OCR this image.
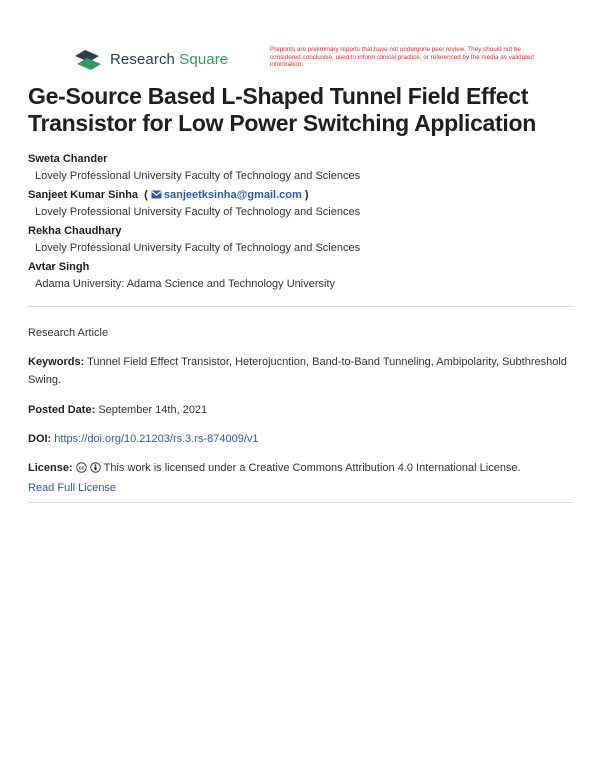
Research Square
Preprints are preliminary reports that have not undergone peer review. They should not be considered conclusive, used to inform clinical practice, or referenced by the media as validated information.
Ge-Source Based L-Shaped Tunnel Field Effect Transistor for Low Power Switching Application
Sweta Chander
Lovely Professional University Faculty of Technology and Sciences
Sanjeet Kumar Sinha  ( sanjeetksinha@gmail.com )
Lovely Professional University Faculty of Technology and Sciences
Rekha Chaudhary
Lovely Professional University Faculty of Technology and Sciences
Avtar Singh
Adama University: Adama Science and Technology University
Research Article
Keywords: Tunnel Field Effect Transistor, Heterojucntion, Band-to-Band Tunneling, Ambipolarity, Subthreshold Swing.
Posted Date: September 14th, 2021
DOI: https://doi.org/10.21203/rs.3.rs-874009/v1
License: cc This work is licensed under a Creative Commons Attribution 4.0 International License.
Read Full License
